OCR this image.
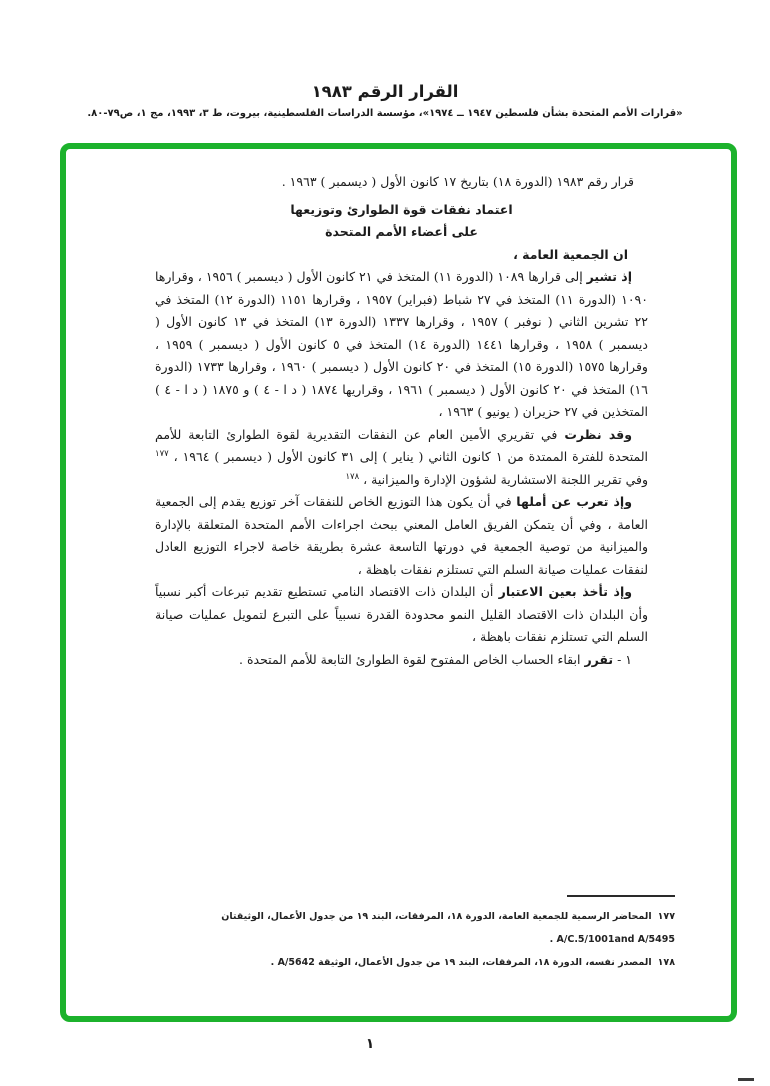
القرار الرقم ١٩٨٣
«قرارات الأمم المتحدة بشأن فلسطين ١٩٤٧ ــ ١٩٧٤»، مؤسسة الدراسات الفلسطينية، بيروت، ط ٣، ١٩٩٣، مج ١، ص٧٩-٨٠.

قرار رقم ١٩٨٣ (الدورة ١٨) بتاريخ ١٧ كانون الأول ( ديسمبر ) ١٩٦٣ .

اعتماد نفقات قوة الطوارئ وتوزيعها
على أعضاء الأمم المتحدة

ان الجمعية العامة ،

إذ تشير إلى قرارها ١٠٨٩ (الدورة ١١) المتخذ في ٢١ كانون الأول ( ديسمبر ) ١٩٥٦ ، وقرارها ١٠٩٠ (الدورة ١١) المتخذ في ٢٧ شباط (فبراير) ١٩٥٧ ، وقرارها ١١٥١ (الدورة ١٢) المتخذ في ٢٢ تشرين الثاني ( نوفبر ) ١٩٥٧ ، وقرارها ١٣٣٧ (الدورة ١٣) المتخذ في ١٣ كانون الأول ( ديسمبر ) ١٩٥٨ ، وقرارها ١٤٤١ (الدورة ١٤) المتخذ في ٥ كانون الأول ( ديسمبر ) ١٩٥٩ ، وقرارها ١٥٧٥ (الدورة ١٥) المتخذ في ٢٠ كانون الأول ( ديسمبر ) ١٩٦٠ ، وقرارها ١٧٣٣ (الدورة ١٦) المتخذ في ٢٠ كانون الأول ( ديسمبر ) ١٩٦١ ، وقراريها ١٨٧٤ ( د ا - ٤ ) و ١٨٧٥ ( د ا - ٤ ) المتخذين في ٢٧ حزيران ( يونيو ) ١٩٦٣ ،

وقد نظرت في تقريري الأمين العام عن النفقات التقديرية لقوة الطوارئ التابعة للأمم المتحدة للفترة الممتدة من ١ كانون الثاني ( يناير ) إلى ٣١ كانون الأول ( ديسمبر ) ١٩٦٤ ، $^{١٧٧}$ وفي تقرير اللجنة الاستشارية لشؤون الإدارة والميزانية ، $^{١٧٨}$

وإذ تعرب عن أملها في أن يكون هذا التوزيع الخاص للنفقات آخر توزيع يقدم إلى الجمعية العامة ، وفي أن يتمكن الفريق العامل المعني ببحث اجراءات الأمم المتحدة المتعلقة بالإدارة والميزانية من توصية الجمعية في دورتها التاسعة عشرة بطريقة خاصة لاجراء التوزيع العادل لنفقات عمليات صيانة السلم التي تستلزم نفقات باهظة ،

وإذ تأخذ بعين الاعتبار أن البلدان ذات الاقتصاد النامي تستطيع تقديم تبرعات أكبر نسبياً وأن البلدان ذات الاقتصاد القليل النمو محدودة القدرة نسبياً على التبرع لتمويل عمليات صيانة السلم التي تستلزم نفقات باهظة ،

١ - تقرر ابقاء الحساب الخاص المفتوح لقوة الطوارئ التابعة للأمم المتحدة .

١٧٧المحاضر الرسمية للجمعية العامة، الدورة ١٨، المرفقات، البند ١٩ من جدول الأعمال، الوثيقتان A/C.5/1001and A/5495 .
١٧٨المصدر نفسه، الدورة ١٨، المرفقات، البند ١٩ من جدول الأعمال، الوثيقة A/5642 .
١
